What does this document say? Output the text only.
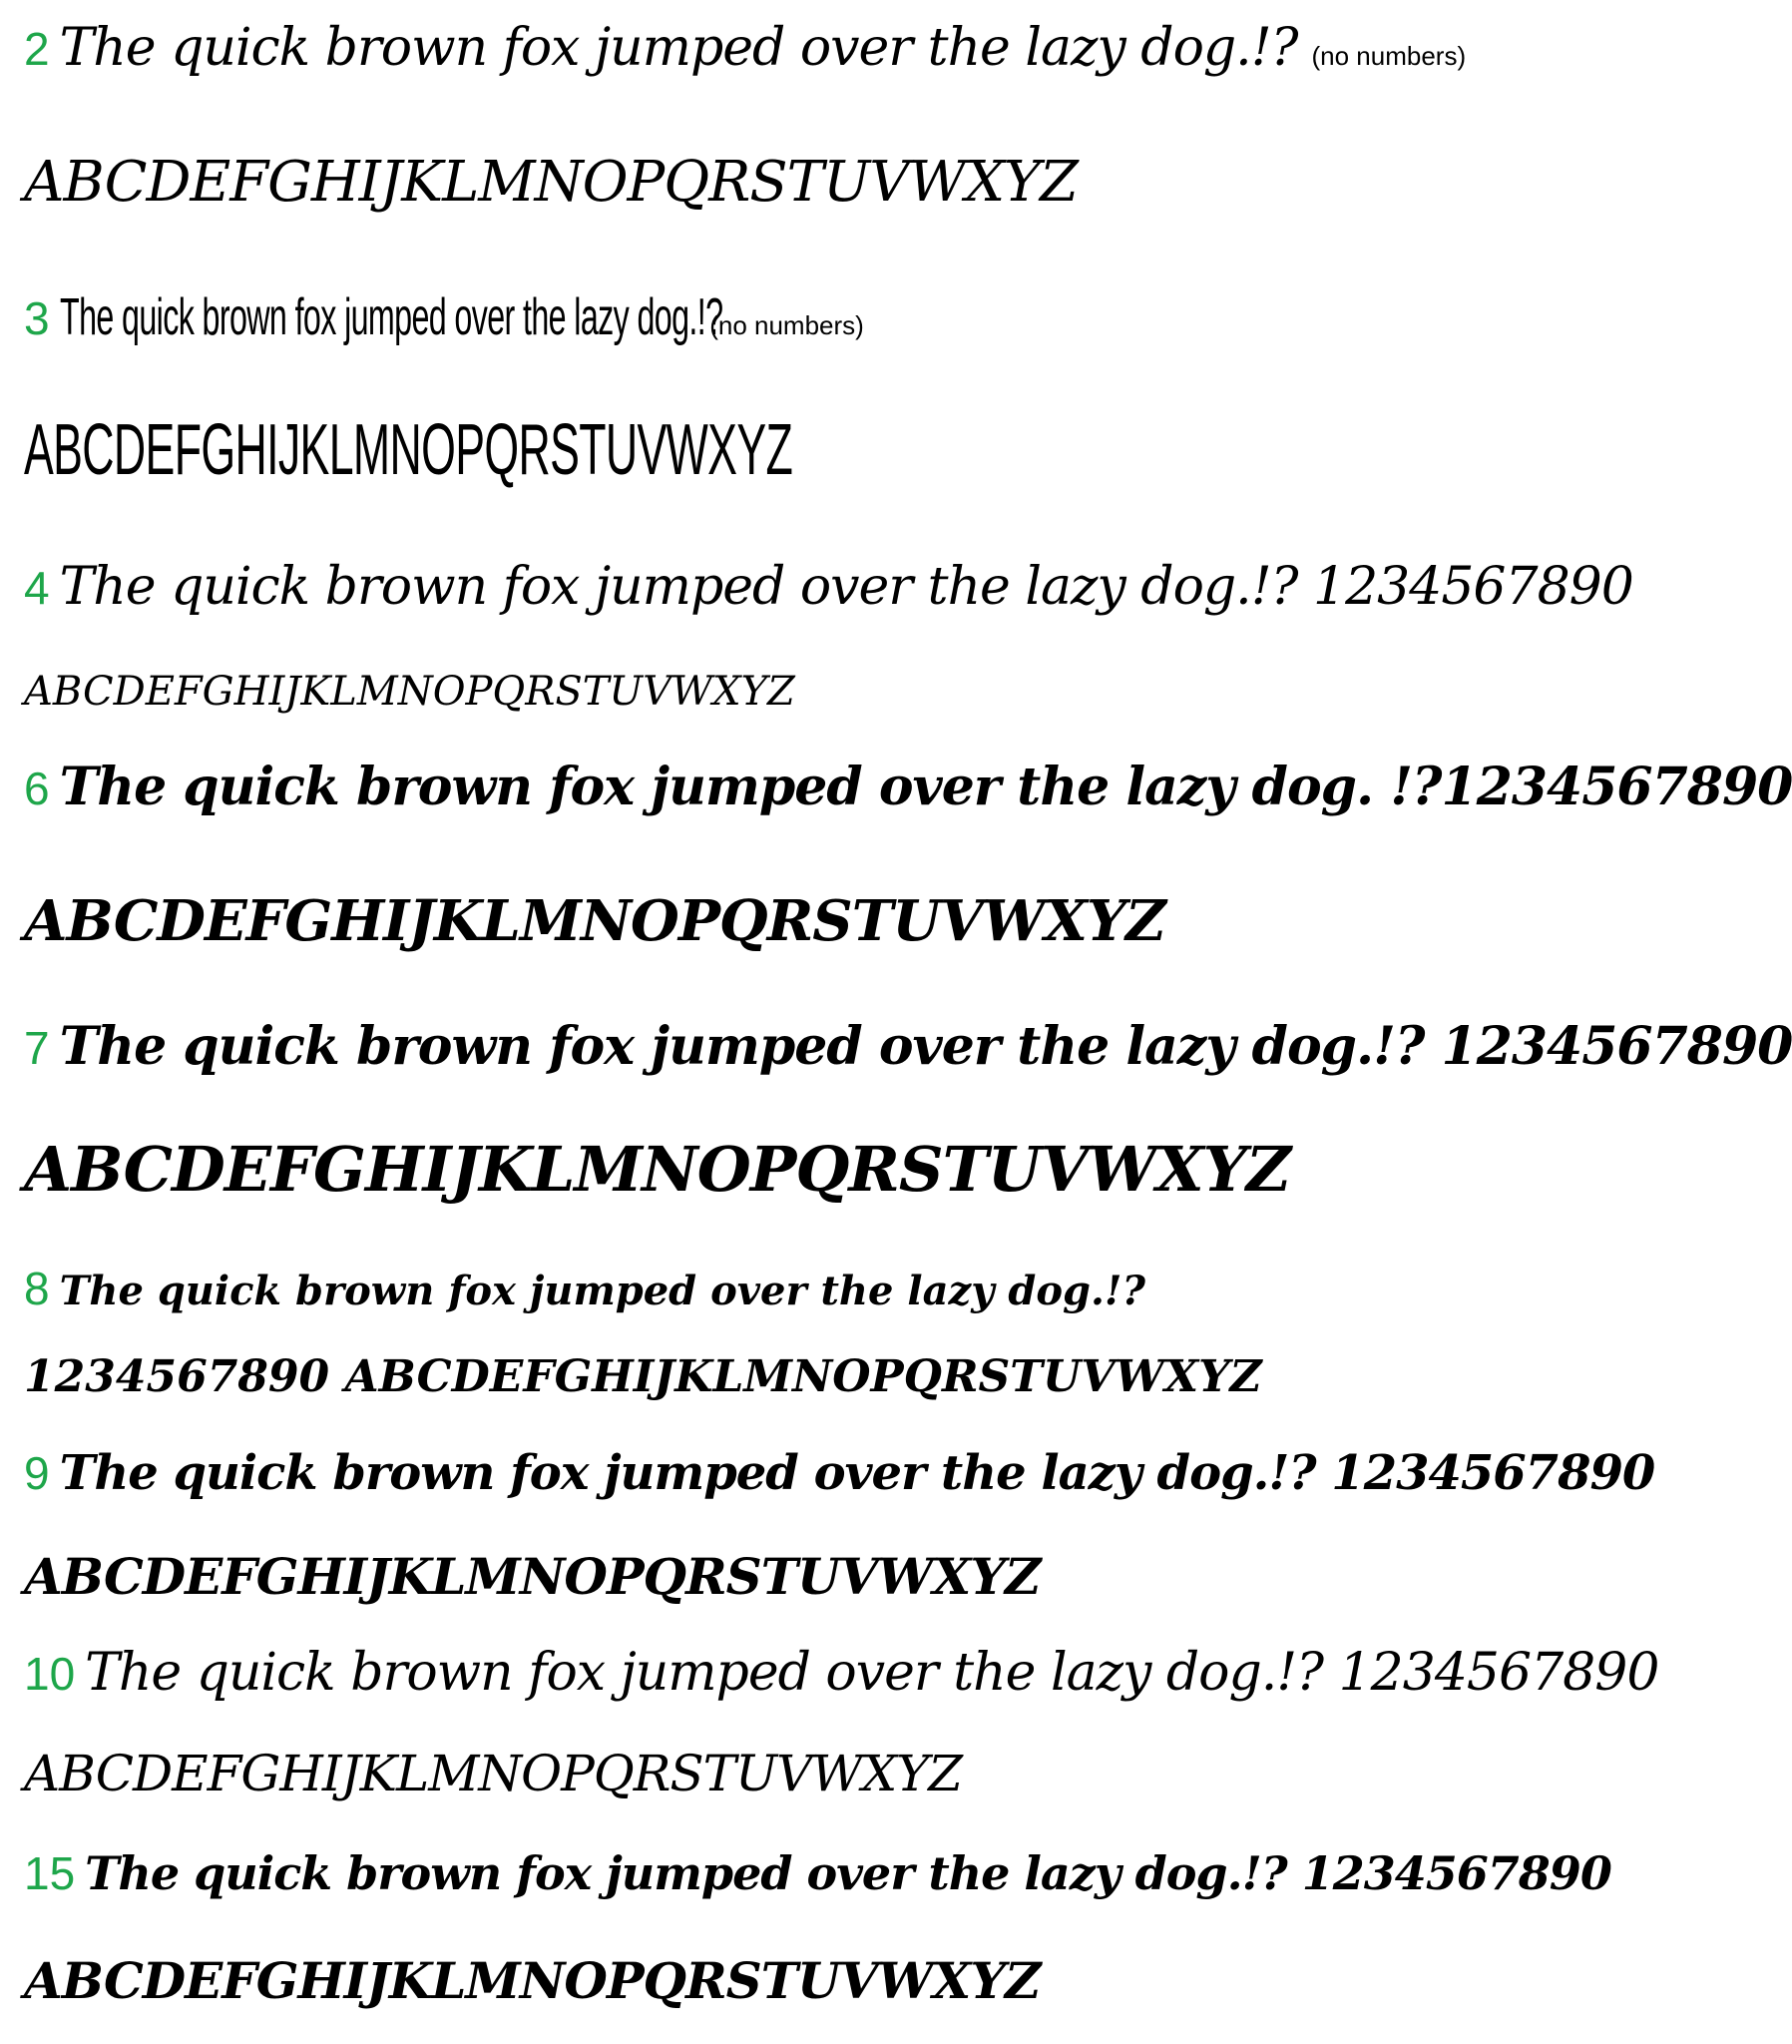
2 The quick brown fox jumped over the lazy dog.!? (no numbers)
ABCDEFGHIJKLMNOPQRSTUVWXYZ
3 The quick brown fox jumped over the lazy dog.!?(no numbers)
ABCDEFGHIJKLMNOPQRSTUVWXYZ
4 The quick brown fox jumped over the lazy dog.!? 1234567890
ABCDEFGHIJKLMNOPQRSTUVWXYZ
6 The quick brown fox jumped over the lazy dog. !?1234567890
ABCDEFGHIJKLMNOPQRSTUVWXYZ
7 The quick brown fox jumped over the lazy dog.!? 1234567890
ABCDEFGHIJKLMNOPQRSTUVWXYZ
8 The quick brown fox jumped over the lazy dog.!?
1234567890 ABCDEFGHIJKLMNOPQRSTUVWXYZ
9 The quick brown fox jumped over the lazy dog.!? 1234567890
ABCDEFGHIJKLMNOPQRSTUVWXYZ
10 The quick brown fox jumped over the lazy dog.!? 1234567890
ABCDEFGHIJKLMNOPQRSTUVWXYZ
15 The quick brown fox jumped over the lazy dog.!? 1234567890
ABCDEFGHIJKLMNOPQRSTUVWXYZ
